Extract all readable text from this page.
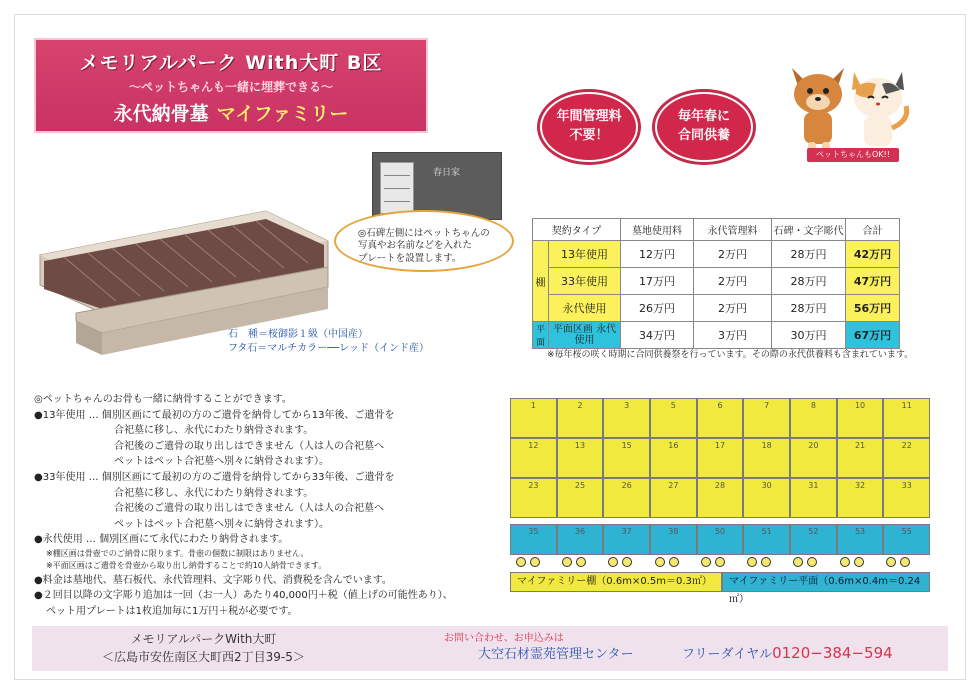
メモリアルパーク With大町 B区
〜ペットちゃんも一緒に埋葬できる〜
永代納骨墓 マイファミリー	年間管理料
不要！
毎年春に
合同供養
ペットちゃんもOK!!
春日家
◎石碑左側にはペットちゃんの
写真やお名前などを入れた
プレートを設置します。
石　種＝桜御影１級（中国産）
フタ石＝マルチカラー──レッド（インド産）
契約タイプ		墓地使用料	永代管理料	石碑・文字彫代	合計
棚	13年使用	12万円	2万円	28万円	42万円
	33年使用	17万円	2万円	28万円	47万円
	永代使用	26万円	2万円	28万円	56万円
平面	平面区画 永代使用	34万円	3万円	30万円	67万円
※毎年桜の咲く時期に合同供養祭を行っています。その際の永代供養料も含まれています。
◎ペットちゃんのお骨も一緒に納骨することができます。
●13年使用 … 個別区画にて最初の方のご遺骨を納骨してから13年後、ご遺骨を
合祀墓に移し、永代にわたり納骨されます。
合祀後のご遺骨の取り出しはできません（人は人の合祀墓へ
ペットはペット合祀墓へ別々に納骨されます）。
●33年使用 … 個別区画にて最初の方のご遺骨を納骨してから33年後、ご遺骨を
合祀墓に移し、永代にわたり納骨されます。
合祀後のご遺骨の取り出しはできません（人は人の合祀墓へ
ペットはペット合祀墓へ別々に納骨されます）。
●永代使用 … 個別区画にて永代にわたり納骨されます。
※棚区画は骨壺でのご納骨に限ります。骨壺の個数に制限はありません。
※平面区画はご遺骨を骨壺から取り出し納骨することで約10人納骨できます。
●料金は墓地代、墓石板代、永代管理料、文字彫り代、消費税を含んでいます。
●２回目以降の文字彫り追加は一回（お一人）あたり40,000円＋税（値上げの可能性あり）、
ペット用プレートは1枚追加毎に1万円＋税が必要です。
1	2	3	5	6	7	8	10	11
12	13	15	16	17	18	20	21	22
23	25	26	27	28	30	31	32	33
35	36	37	38	50	51	52	53	55
マイファミリー棚（0.6m×0.5m＝0.3㎡）	マイファミリー平面（0.6m×0.4m＝0.24㎡）
メモリアルパークWith大町
＜広島市安佐南区大町西2丁目39-5＞
お問い合わせ、お申込みは
大空石材霊苑管理センター	フリーダイヤル0120−384−594
